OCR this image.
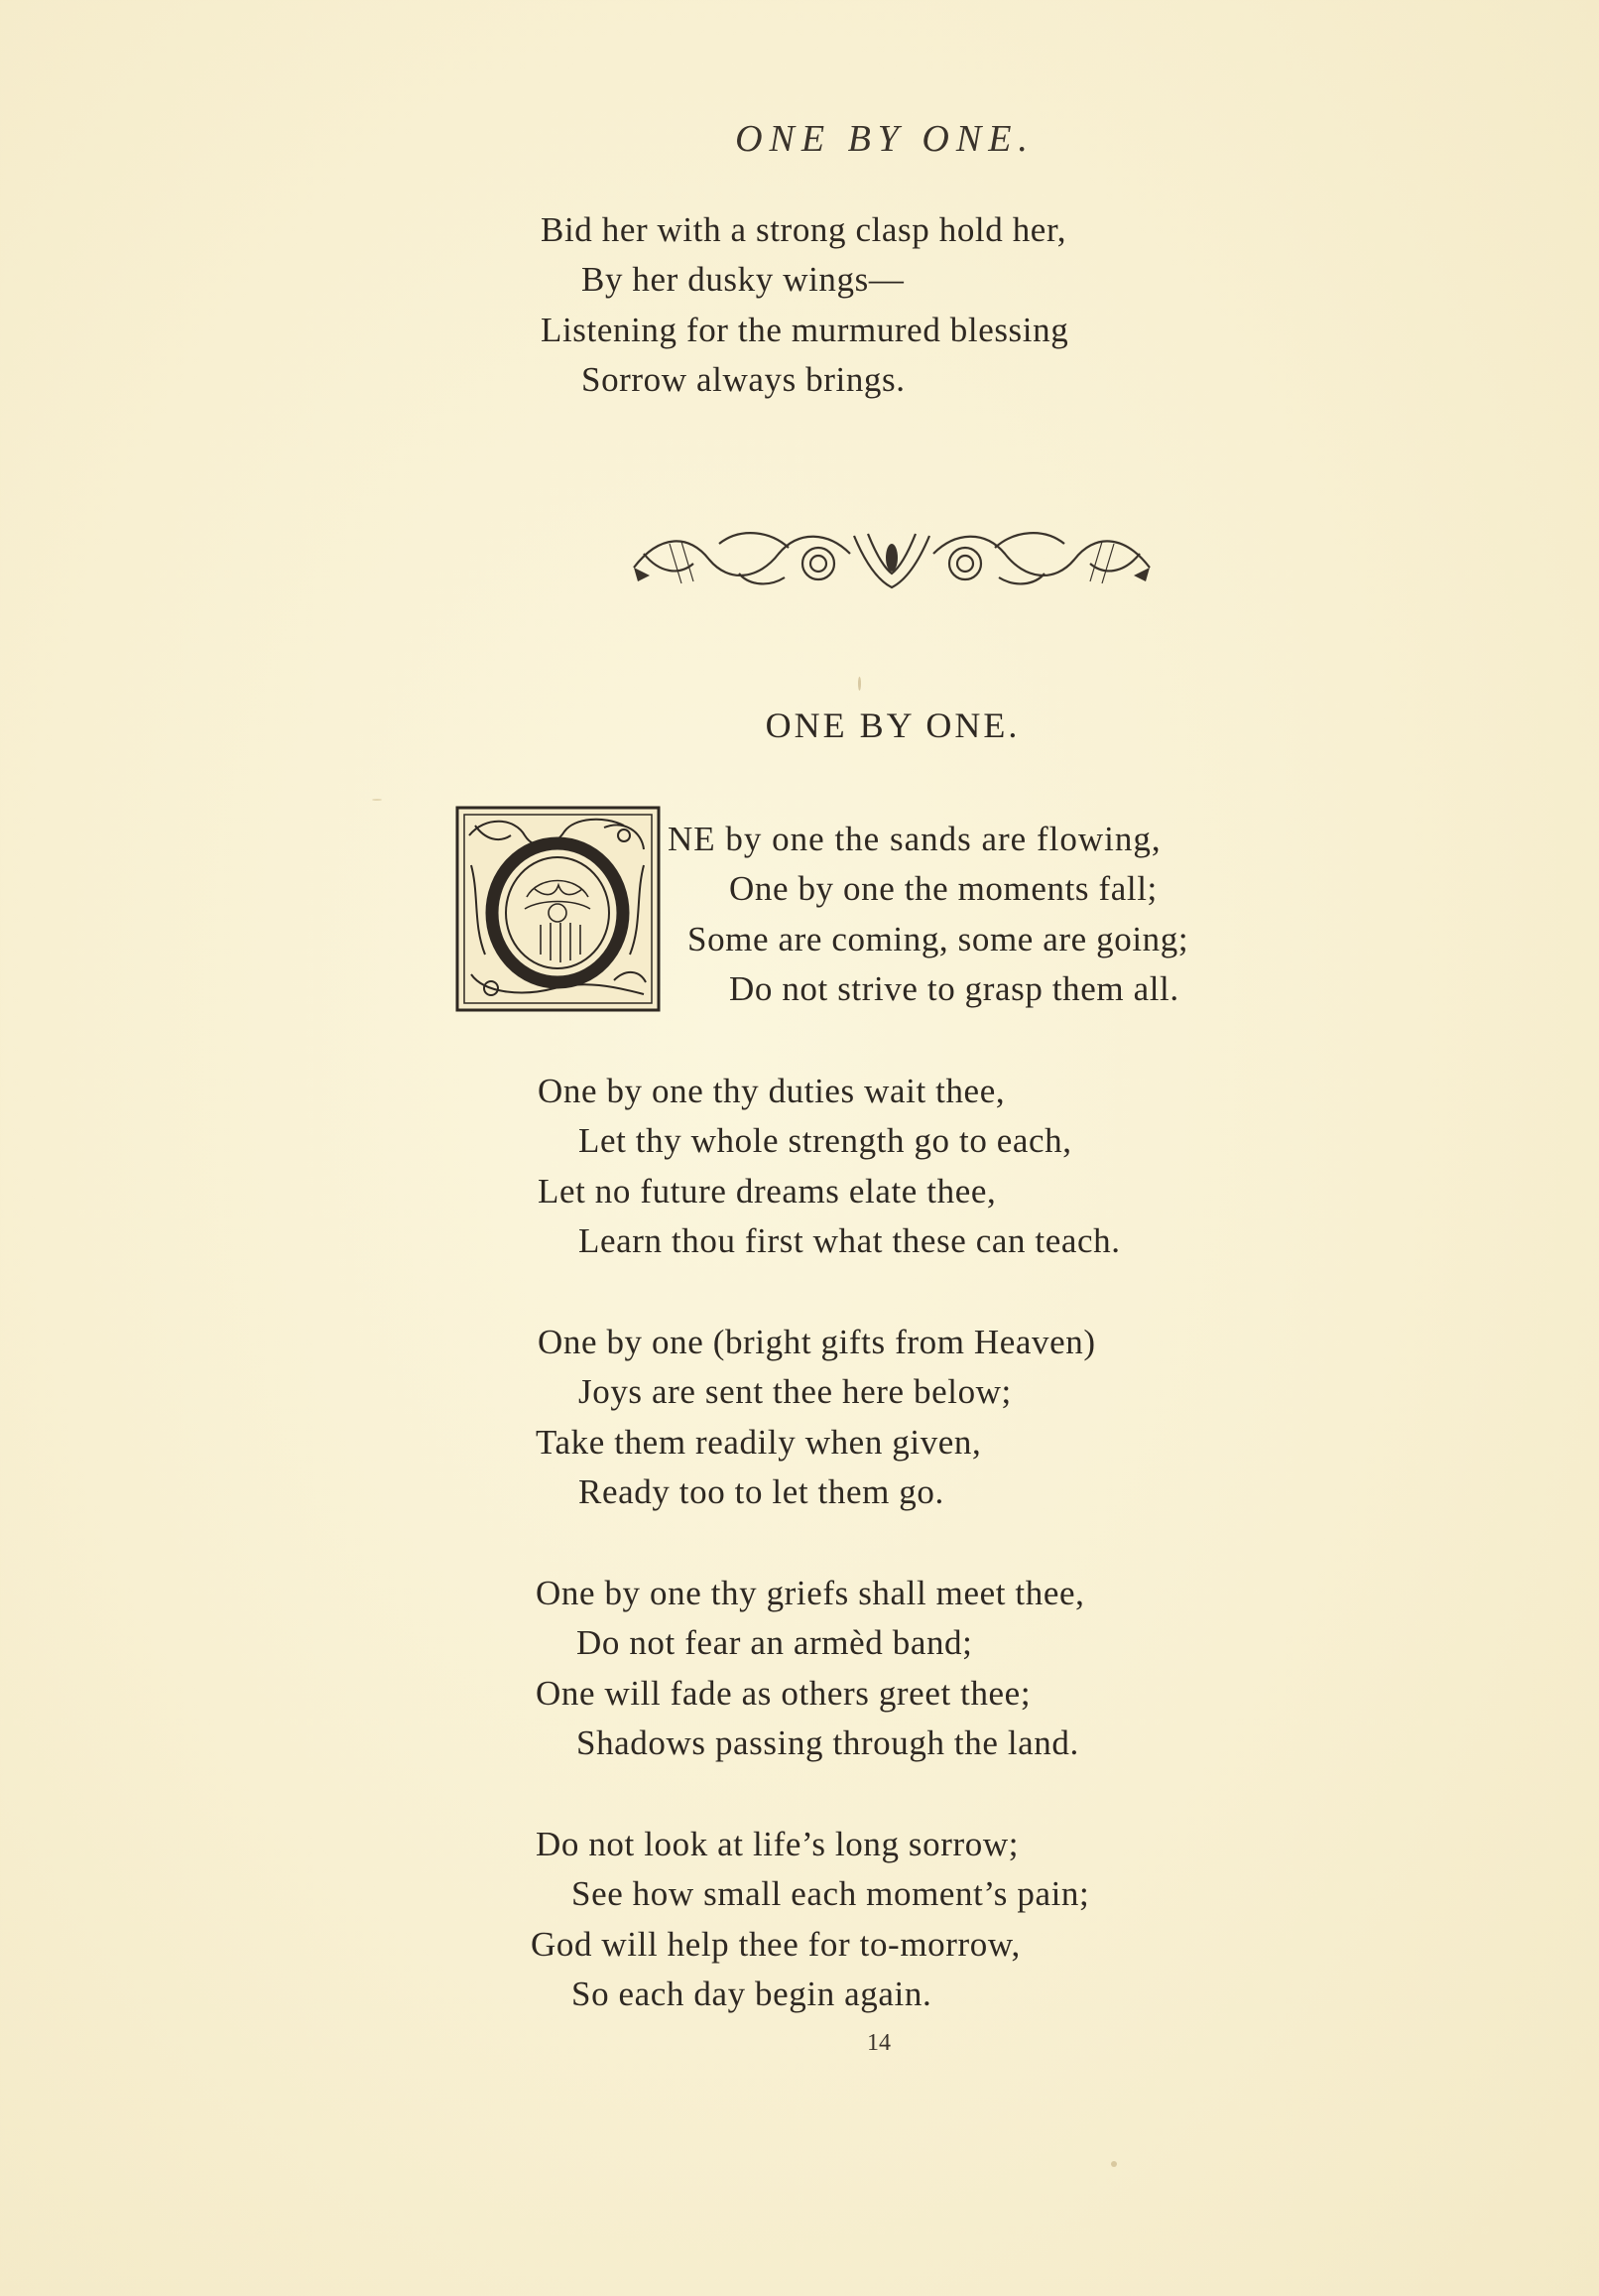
ONE BY ONE.
Bid her with a strong clasp hold her,
By her dusky wings—
Listening for the murmured blessing
Sorrow always brings.
ONE BY ONE.
NE by one the sands are flowing,
One by one the moments fall;
Some are coming, some are going;
Do not strive to grasp them all.
One by one thy duties wait thee,
Let thy whole strength go to each,
Let no future dreams elate thee,
Learn thou first what these can teach.
One by one (bright gifts from Heaven)
Joys are sent thee here below;
Take them readily when given,
Ready too to let them go.
One by one thy griefs shall meet thee,
Do not fear an armèd band;
One will fade as others greet thee;
Shadows passing through the land.
Do not look at life’s long sorrow;
See how small each moment’s pain;
God will help thee for to-morrow,
So each day begin again.
14
